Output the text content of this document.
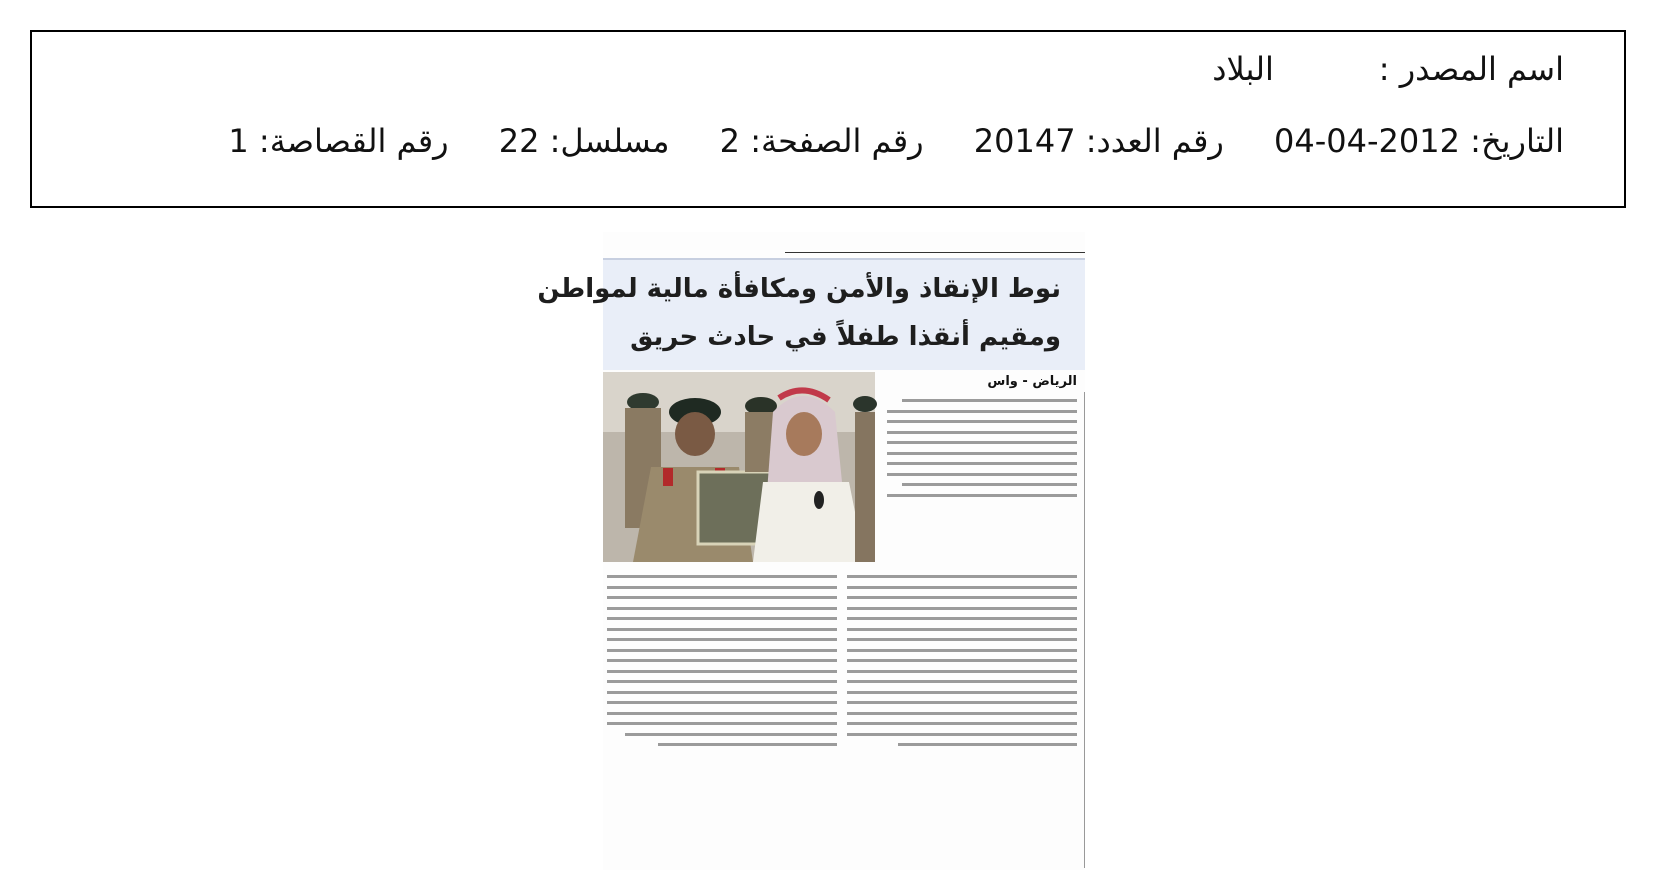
اسم المصدر : البلاد
التاريخ: 2012-04-04 رقم العدد: 20147 رقم الصفحة: 2 مسلسل: 22 رقم القصاصة: 1
نوط الإنقاذ والأمن ومكافأة مالية لمواطن
ومقيم أنقذا طفلاً في حادث حريق
الرياض - واس
